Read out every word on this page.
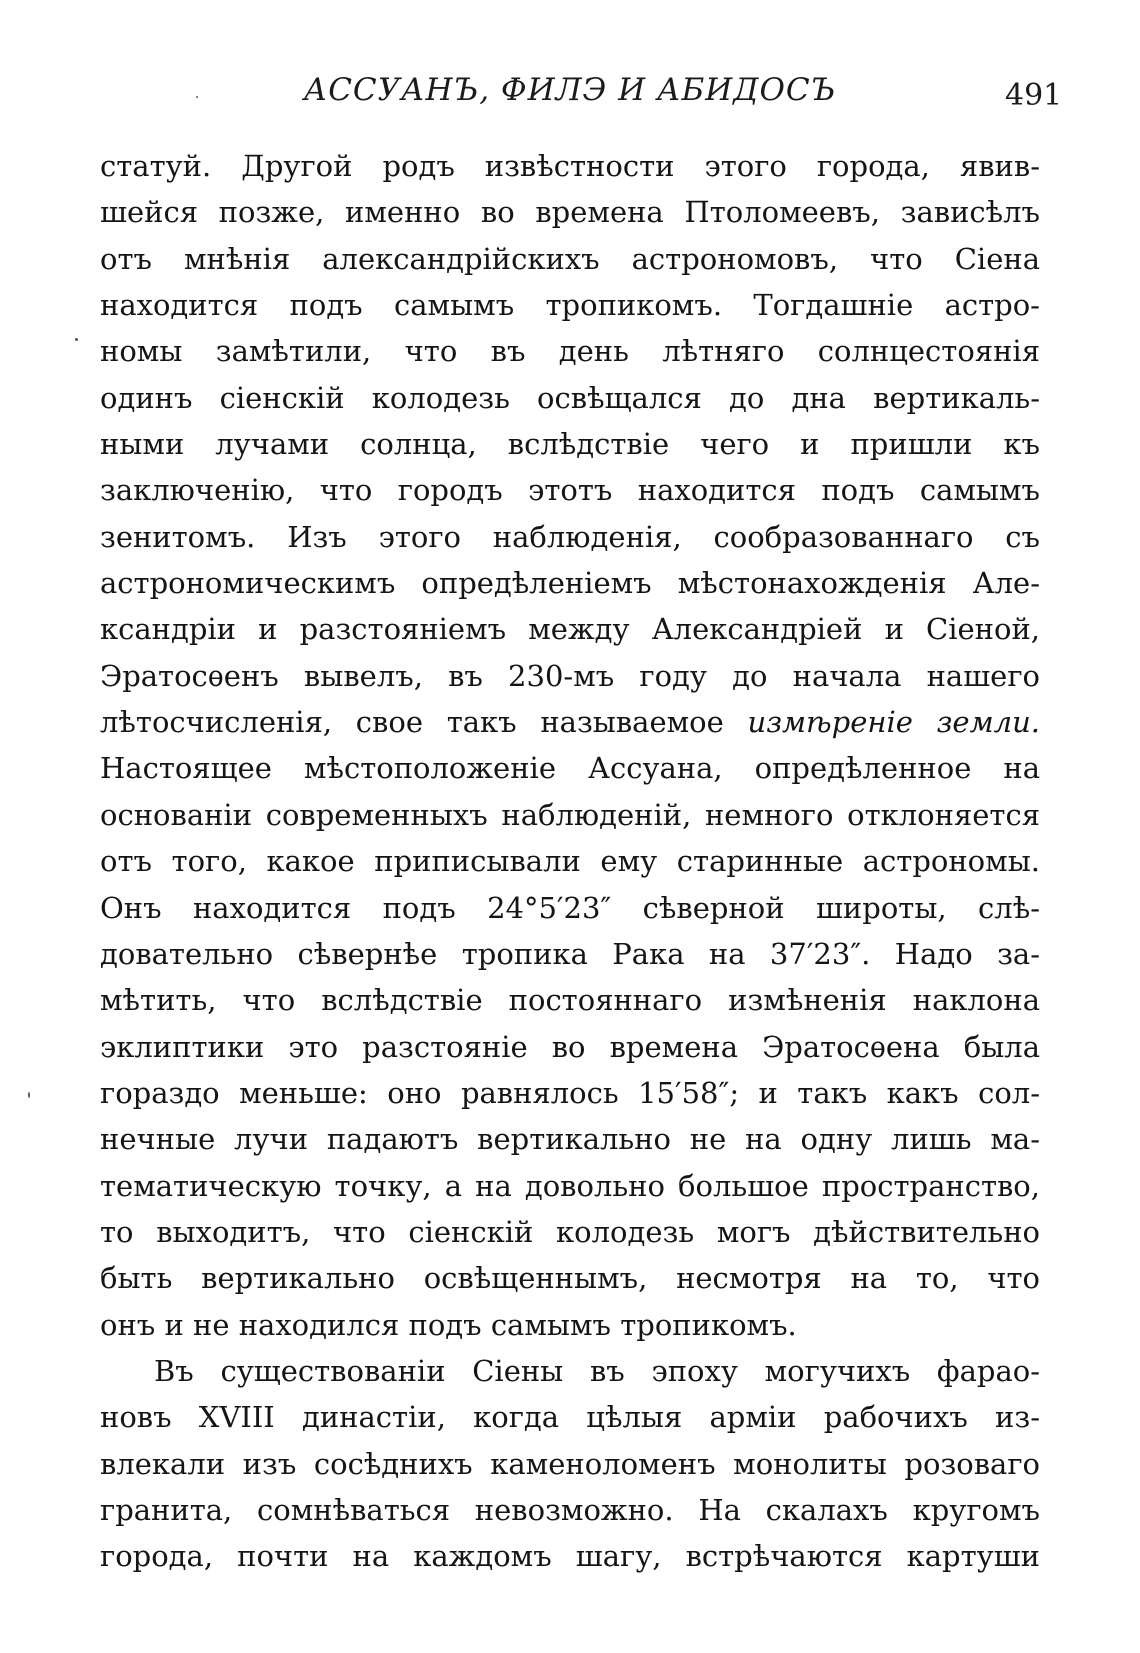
АССУАНЪ, ФИЛЭ И АБИДОСЪ	491
статуй. Другой родъ извѣстности этого города, явив-
шейся позже, именно во времена Птоломеевъ, зависѣлъ
отъ мнѣнія александрійскихъ астрономовъ, что Сіена
находится подъ самымъ тропикомъ. Тогдашніе астро-
номы замѣтили, что въ день лѣтняго солнцестоянія
одинъ сіенскій колодезь освѣщался до дна вертикаль-
ными лучами солнца, вслѣдствіе чего и пришли къ
заключенію, что городъ этотъ находится подъ самымъ
зенитомъ. Изъ этого наблюденія, сообразованнаго съ
астрономическимъ опредѣленіемъ мѣстонахожденія Але-
ксандріи и разстояніемъ между Александріей и Сіеной,
Эратосѳенъ вывелъ, въ 230-мъ году до начала нашего
лѣтосчисленія, свое такъ называемое измѣреніе земли.
Настоящее мѣстоположеніе Ассуана, опредѣленное на
основаніи современныхъ наблюденій, немного отклоняется
отъ того, какое приписывали ему старинные астрономы.
Онъ находится подъ 24°5′23″ сѣверной широты, слѣ-
довательно сѣвернѣе тропика Рака на 37′23″. Надо за-
мѣтить, что вслѣдствіе постояннаго измѣненія наклона
эклиптики это разстояніе во времена Эратосѳена была
гораздо меньше: оно равнялось 15′58″; и такъ какъ сол-
нечные лучи падаютъ вертикально не на одну лишь ма-
тематическую точку, а на довольно большое пространство,
то выходитъ, что сіенскій колодезь могъ дѣйствительно
быть вертикально освѣщеннымъ, несмотря на то, что
онъ и не находился подъ самымъ тропикомъ.
Въ существованіи Сіены въ эпоху могучихъ фарао-
новъ XVIII династіи, когда цѣлыя арміи рабочихъ из-
влекали изъ сосѣднихъ каменоломенъ монолиты розоваго
гранита, сомнѣваться невозможно. На скалахъ кругомъ
города, почти на каждомъ шагу, встрѣчаются картуши
